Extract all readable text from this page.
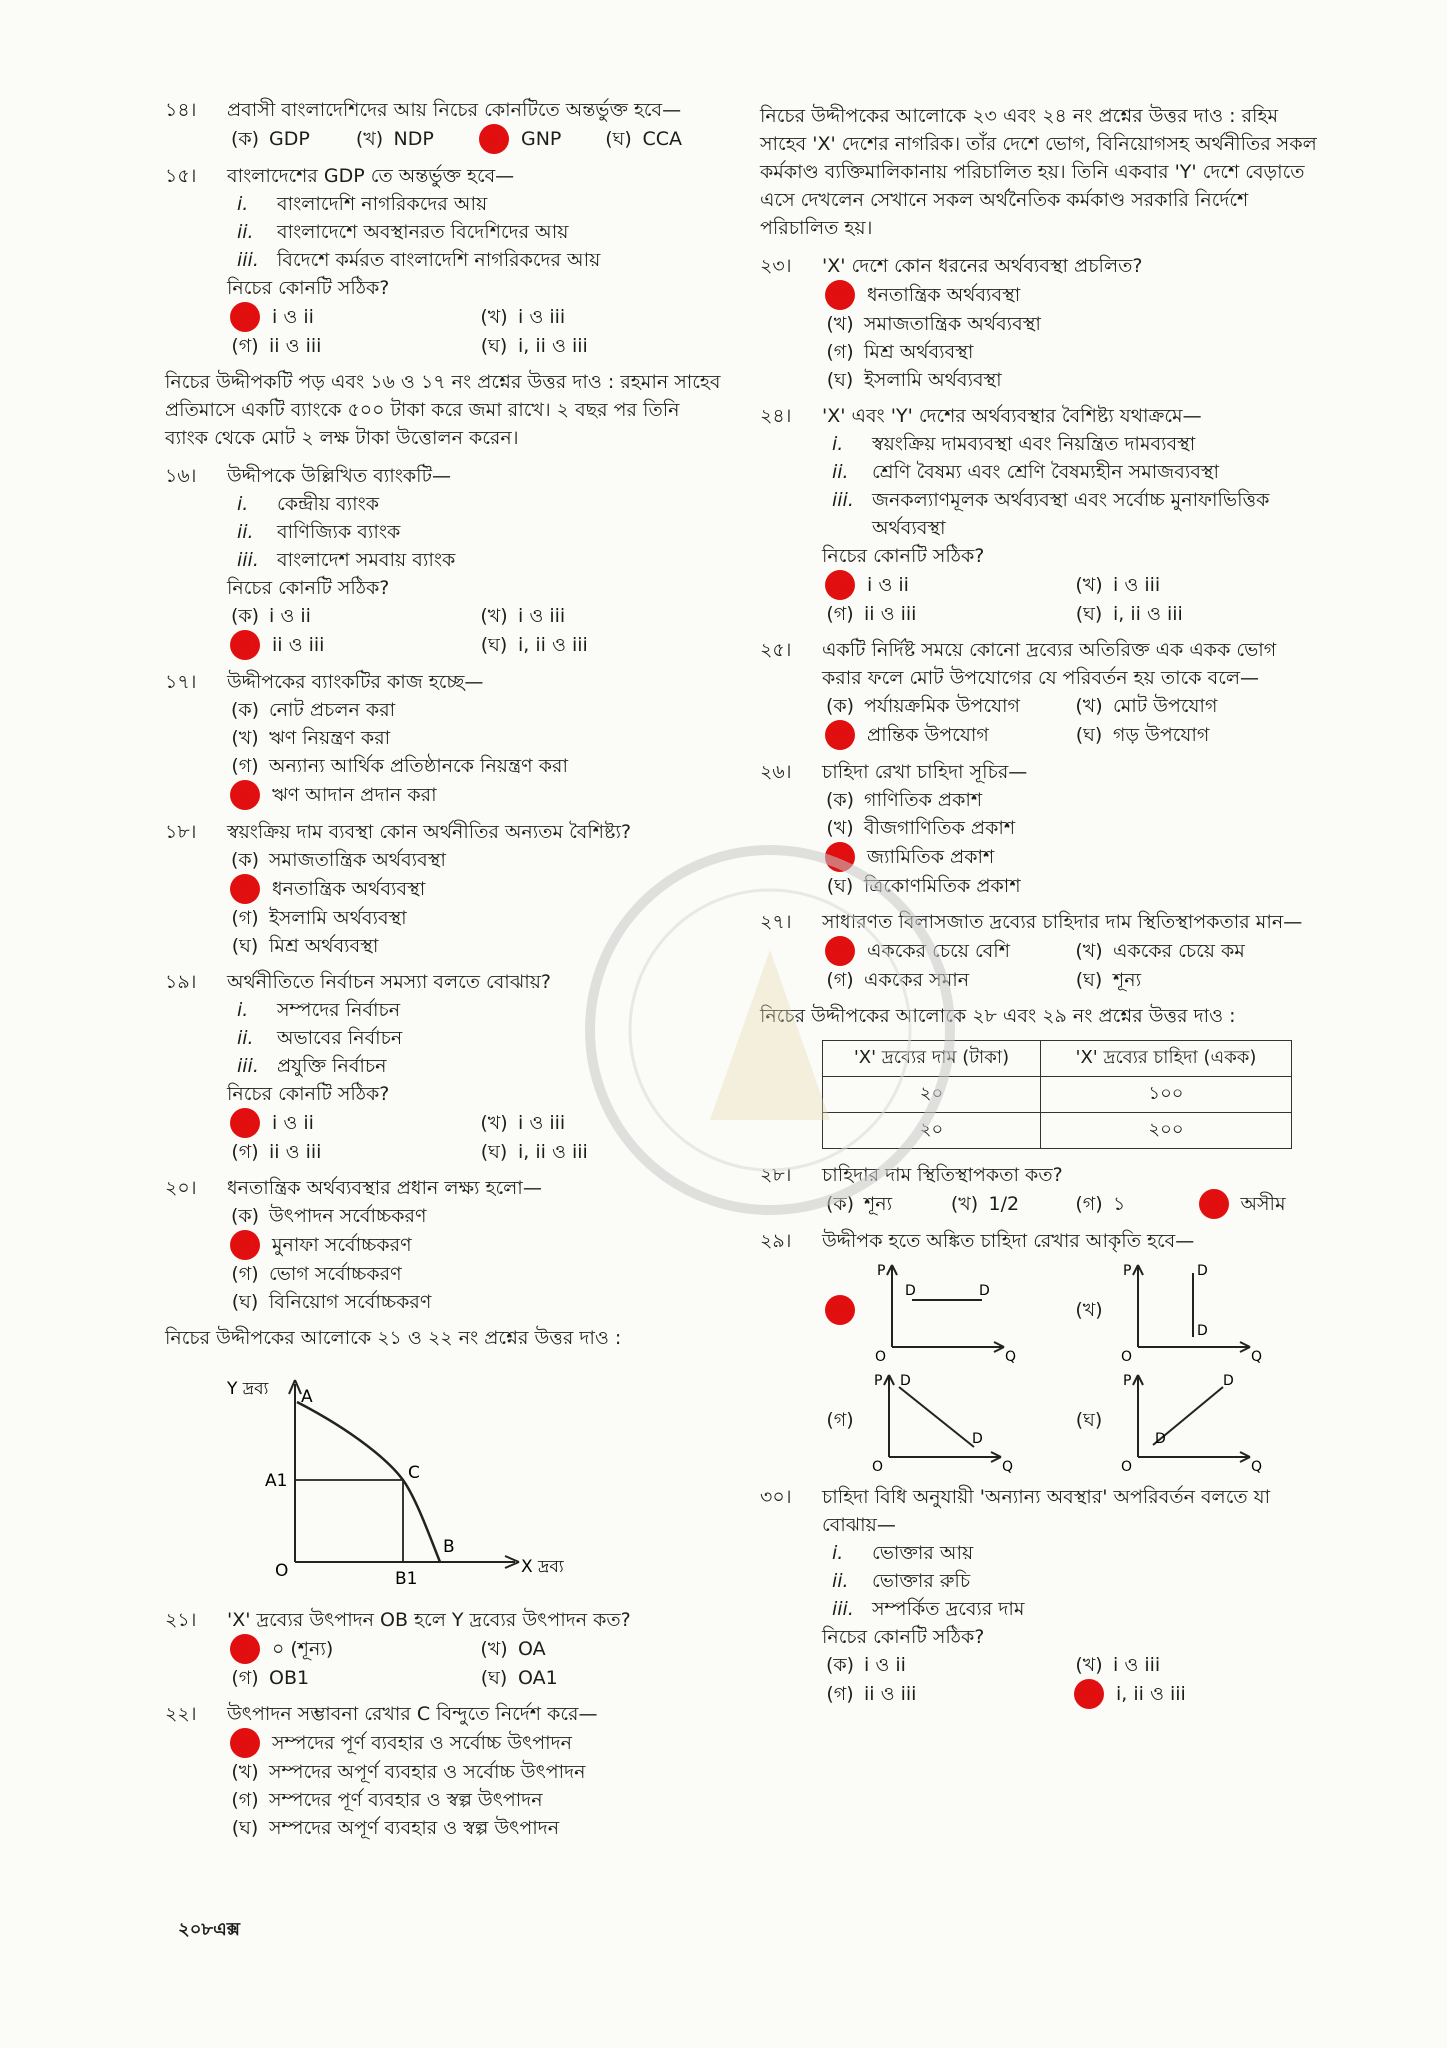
১৪।	প্রবাসী বাংলাদেশিদের আয় নিচের কোনটিতে অন্তর্ভুক্ত হবে—
(ক) GDP (খ) NDP (গ) GNP (ঘ) CCA
১৫।	বাংলাদেশের GDP তে অন্তর্ভুক্ত হবে—
i.	বাংলাদেশি নাগরিকদের আয়
ii.	বাংলাদেশে অবস্থানরত বিদেশিদের আয়
iii. বিদেশে কর্মরত বাংলাদেশি নাগরিকদের আয়
নিচের কোনটি সঠিক?
(ক) i ও ii	(খ) i ও iii
(গ) ii ও iii	(ঘ) i, ii ও iii
নিচের উদ্দীপকটি পড় এবং ১৬ ও ১৭ নং প্রশ্নের উত্তর দাও : রহমান সাহেব প্রতিমাসে একটি ব্যাংকে ৫০০ টাকা করে জমা রাখে। ২ বছর পর তিনি ব্যাংক থেকে মোট ২ লক্ষ টাকা উত্তোলন করেন।
১৬।	উদ্দীপকে উল্লিখিত ব্যাংকটি—
i.	কেন্দ্রীয় ব্যাংক
ii.	বাণিজ্যিক ব্যাংক
iii. বাংলাদেশ সমবায় ব্যাংক
নিচের কোনটি সঠিক?
(ক) i ও ii	(খ) i ও iii
(গ) ii ও iii	(ঘ) i, ii ও iii
১৭।	উদ্দীপকের ব্যাংকটির কাজ হচ্ছে—
(ক) নোট প্রচলন করা
(খ) ঋণ নিয়ন্ত্রণ করা
(গ) অন্যান্য আর্থিক প্রতিষ্ঠানকে নিয়ন্ত্রণ করা
(ঘ) ঋণ আদান প্রদান করা
১৮।	স্বয়ংক্রিয় দাম ব্যবস্থা কোন অর্থনীতির অন্যতম বৈশিষ্ট্য?
(ক) সমাজতান্ত্রিক অর্থব্যবস্থা
(খ) ধনতান্ত্রিক অর্থব্যবস্থা
(গ) ইসলামি অর্থব্যবস্থা
(ঘ) মিশ্র অর্থব্যবস্থা
১৯।	অর্থনীতিতে নির্বাচন সমস্যা বলতে বোঝায়?
i.	সম্পদের নির্বাচন
ii.	অভাবের নির্বাচন
iii. প্রযুক্তি নির্বাচন
নিচের কোনটি সঠিক?
(ক) i ও ii	(খ) i ও iii
(গ) ii ও iii	(ঘ) i, ii ও iii
২০।	ধনতান্ত্রিক অর্থব্যবস্থার প্রধান লক্ষ্য হলো—
(ক) উৎপাদন সর্বোচ্চকরণ
(খ) মুনাফা সর্বোচ্চকরণ
(গ) ভোগ সর্বোচ্চকরণ
(ঘ) বিনিয়োগ সর্বোচ্চকরণ
নিচের উদ্দীপকের আলোকে ২১ ও ২২ নং প্রশ্নের উত্তর দাও :
Y দ্রব্য A
A1	C
B
B1
O	X দ্রব্য
২১।	'X' দ্রব্যের উৎপাদন OB হলে Y দ্রব্যের উৎপাদন কত?
(ক) ০ (শূন্য)	(খ) OA
(গ) OB1	(ঘ) OA1
২২।	উৎপাদন সম্ভাবনা রেখার C বিন্দুতে নির্দেশ করে—
(ক) সম্পদের পূর্ণ ব্যবহার ও সর্বোচ্চ উৎপাদন
(খ) সম্পদের অপূর্ণ ব্যবহার ও সর্বোচ্চ উৎপাদন
(গ) সম্পদের পূর্ণ ব্যবহার ও স্বল্প উৎপাদন
(ঘ) সম্পদের অপূর্ণ ব্যবহার ও স্বল্প উৎপাদন
নিচের উদ্দীপকের আলোকে ২৩ এবং ২৪ নং প্রশ্নের উত্তর দাও : রহিম সাহেব 'X' দেশের নাগরিক। তাঁর দেশে ভোগ, বিনিয়োগসহ অর্থনীতির সকল কর্মকাণ্ড ব্যক্তিমালিকানায় পরিচালিত হয়। তিনি একবার 'Y' দেশে বেড়াতে এসে দেখলেন সেখানে সকল অর্থনৈতিক কর্মকাণ্ড সরকারি নির্দেশে পরিচালিত হয়।
২৩।	'X' দেশে কোন ধরনের অর্থব্যবস্থা প্রচলিত?
(ক) ধনতান্ত্রিক অর্থব্যবস্থা
(খ) সমাজতান্ত্রিক অর্থব্যবস্থা
(গ) মিশ্র অর্থব্যবস্থা
(ঘ) ইসলামি অর্থব্যবস্থা
২৪।	'X' এবং 'Y' দেশের অর্থব্যবস্থার বৈশিষ্ট্য যথাক্রমে—
i.	স্বয়ংক্রিয় দামব্যবস্থা এবং নিয়ন্ত্রিত দামব্যবস্থা
ii.	শ্রেণি বৈষম্য এবং শ্রেণি বৈষম্যহীন সমাজব্যবস্থা
iii. জনকল্যাণমূলক অর্থব্যবস্থা এবং সর্বোচ্চ মুনাফাভিত্তিক অর্থব্যবস্থা
নিচের কোনটি সঠিক?
(ক) i ও ii	(খ) i ও iii
(গ) ii ও iii	(ঘ) i, ii ও iii
২৫।	একটি নির্দিষ্ট সময়ে কোনো দ্রব্যের অতিরিক্ত এক একক ভোগ করার ফলে মোট উপযোগের যে পরিবর্তন হয় তাকে বলে—
(ক) পর্যায়ক্রমিক উপযোগ	(খ) মোট উপযোগ
(গ) প্রান্তিক উপযোগ	(ঘ) গড় উপযোগ
২৬।	চাহিদা রেখা চাহিদা সূচির—
(ক) গাণিতিক প্রকাশ
(খ) বীজগাণিতিক প্রকাশ
(গ) জ্যামিতিক প্রকাশ
(ঘ) ত্রিকোণমিতিক প্রকাশ
২৭।	সাধারণত বিলাসজাত দ্রব্যের চাহিদার দাম স্থিতিস্থাপকতার মান—
(ক) এককের চেয়ে বেশি	(খ) এককের চেয়ে কম
(গ) এককের সমান	(ঘ) শূন্য
নিচের উদ্দীপকের আলোকে ২৮ এবং ২৯ নং প্রশ্নের উত্তর দাও :
'X' দ্রব্যের দাম (টাকা)	'X' দ্রব্যের চাহিদা (একক)
২০	১০০
২০	২০০
২৮।	চাহিদার দাম স্থিতিস্থাপকতা কত?
(ক) শূন্য	(খ) 1/2	(গ) ১	(ঘ) অসীম
২৯।	উদ্দীপক হতে অঙ্কিত চাহিদা রেখার আকৃতি হবে—
(ক)
P
Q
O
D	D
(খ)
P
Q
O
D
D
(গ)
P
Q
O
D
D
(ঘ)
P
Q
O
D
D
৩০।	চাহিদা বিধি অনুযায়ী 'অন্যান্য অবস্থার' অপরিবর্তন বলতে যা বোঝায়—
i.	ভোক্তার আয়
ii.	ভোক্তার রুচি
iii. সম্পর্কিত দ্রব্যের দাম
নিচের কোনটি সঠিক?
(ক) i ও ii	(খ) i ও iii
(গ) ii ও iii	(ঘ) i, ii ও iii
২০৮এক্স
